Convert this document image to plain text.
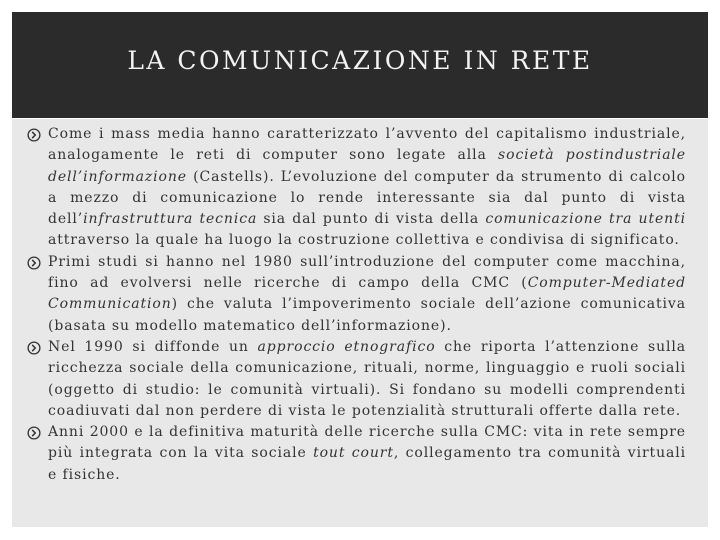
LA COMUNICAZIONE IN RETE
Come i mass media hanno caratterizzato l’avvento del capitalismo industriale, analogamente le reti di computer sono legate alla società postindustriale dell’informazione (Castells). L’evoluzione del computer da strumento di calcolo a mezzo di comunicazione lo rende interessante sia dal punto di vista dell’infrastruttura tecnica sia dal punto di vista della comunicazione tra utenti attraverso la quale ha luogo la costruzione collettiva e condivisa di significato.
Primi studi si hanno nel 1980 sull’introduzione del computer come macchina, fino ad evolversi nelle ricerche di campo della CMC (Computer-Mediated Communication) che valuta l’impoverimento sociale dell’azione comunicativa (basata su modello matematico dell’informazione).
Nel 1990 si diffonde un approccio etnografico che riporta l’attenzione sulla ricchezza sociale della comunicazione, rituali, norme, linguaggio e ruoli sociali (oggetto di studio: le comunità virtuali). Si fondano su modelli comprendenti coadiuvati dal non perdere di vista le potenzialità strutturali offerte dalla rete.
Anni 2000 e la definitiva maturità delle ricerche sulla CMC: vita in rete sempre più integrata con la vita sociale tout court, collegamento tra comunità virtuali e fisiche.
